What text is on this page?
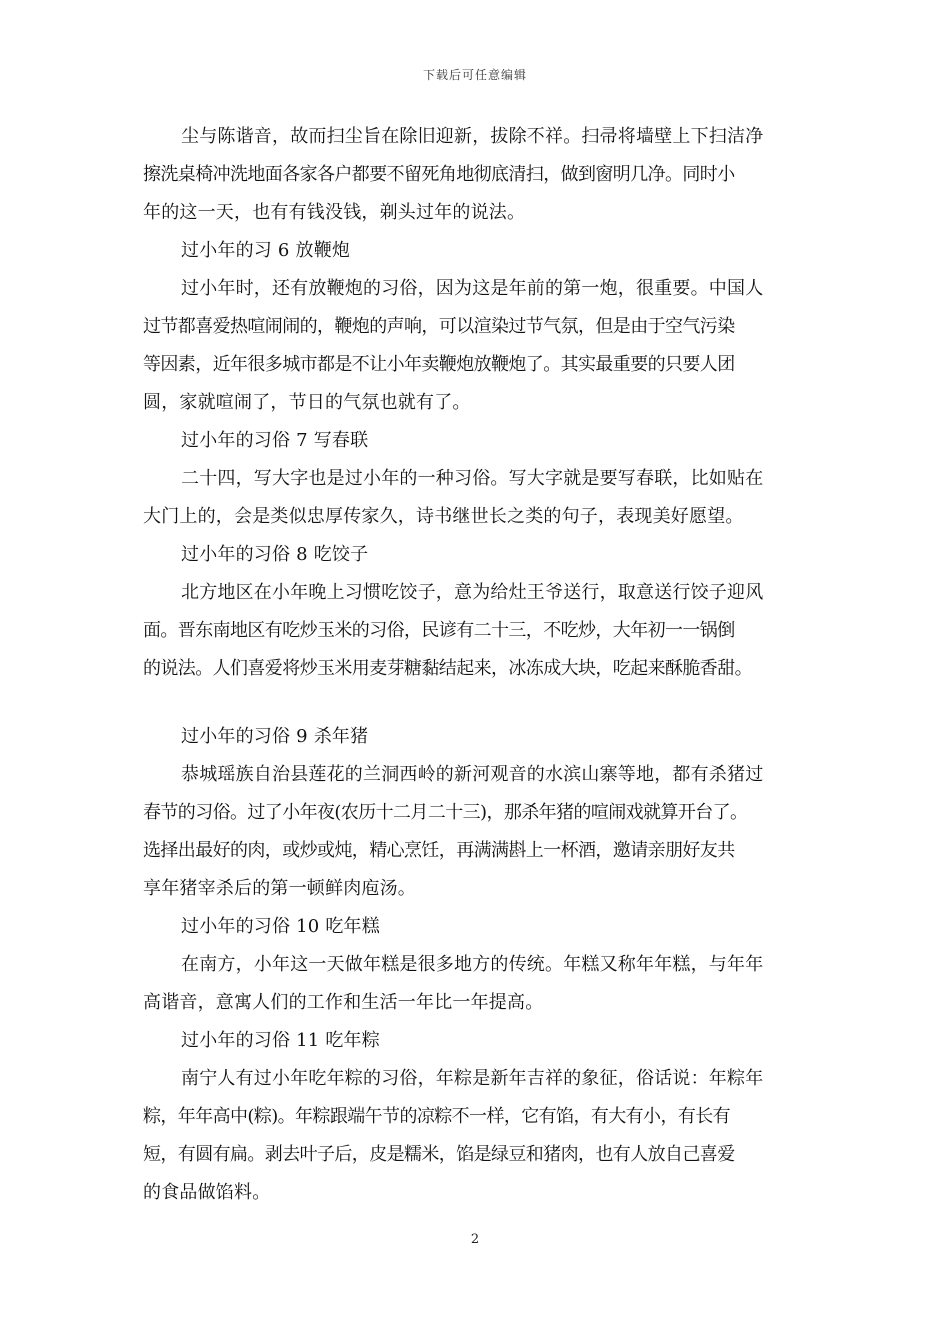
下载后可任意编辑
尘与陈谐音，故而扫尘旨在除旧迎新，拔除不祥。扫帚将墙壁上下扫洁净
擦洗桌椅冲洗地面各家各户都要不留死角地彻底清扫，做到窗明几净。同时小
年的这一天，也有有钱没钱，剃头过年的说法。
过小年的习 6 放鞭炮
过小年时，还有放鞭炮的习俗，因为这是年前的第一炮，很重要。中国人
过节都喜爱热喧闹闹的，鞭炮的声响，可以渲染过节气氛，但是由于空气污染
等因素，近年很多城市都是不让小年卖鞭炮放鞭炮了。其实最重要的只要人团
圆，家就喧闹了，节日的气氛也就有了。
过小年的习俗 7 写春联
二十四，写大字也是过小年的一种习俗。写大字就是要写春联，比如贴在
大门上的，会是类似忠厚传家久，诗书继世长之类的句子，表现美好愿望。
过小年的习俗 8 吃饺子
北方地区在小年晚上习惯吃饺子，意为给灶王爷送行，取意送行饺子迎风
面。晋东南地区有吃炒玉米的习俗，民谚有二十三，不吃炒，大年初一一锅倒
的说法。人们喜爱将炒玉米用麦芽糖黏结起来，冰冻成大块，吃起来酥脆香甜。
过小年的习俗 9 杀年猪
恭城瑶族自治县莲花的兰洞西岭的新河观音的水滨山寨等地，都有杀猪过
春节的习俗。过了小年夜(农历十二月二十三)，那杀年猪的喧闹戏就算开台了。
选择出最好的肉，或炒或炖，精心烹饪，再满满斟上一杯酒，邀请亲朋好友共
享年猪宰杀后的第一顿鲜肉庖汤。
过小年的习俗 10 吃年糕
在南方，小年这一天做年糕是很多地方的传统。年糕又称年年糕，与年年
高谐音，意寓人们的工作和生活一年比一年提高。
过小年的习俗 11 吃年粽
南宁人有过小年吃年粽的习俗，年粽是新年吉祥的象征，俗话说：年粽年
粽，年年高中(粽)。年粽跟端午节的凉粽不一样，它有馅，有大有小，有长有
短，有圆有扁。剥去叶子后，皮是糯米，馅是绿豆和猪肉，也有人放自己喜爱
的食品做馅料。
2
